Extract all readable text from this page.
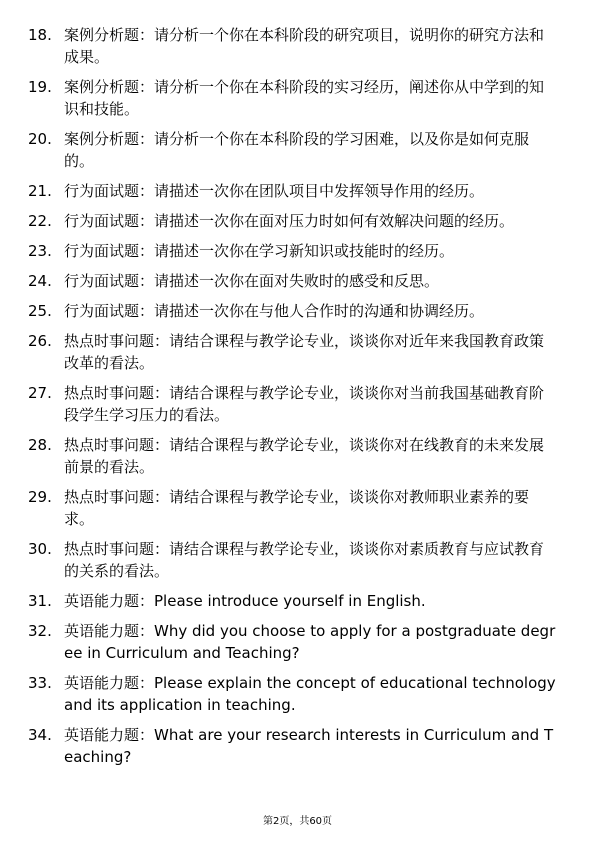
18. 案例分析题：请分析一个你在本科阶段的研究项目，说明你的研究方法和成果。
19. 案例分析题：请分析一个你在本科阶段的实习经历，阐述你从中学到的知识和技能。
20. 案例分析题：请分析一个你在本科阶段的学习困难，以及你是如何克服的。
21. 行为面试题：请描述一次你在团队项目中发挥领导作用的经历。
22. 行为面试题：请描述一次你在面对压力时如何有效解决问题的经历。
23. 行为面试题：请描述一次你在学习新知识或技能时的经历。
24. 行为面试题：请描述一次你在面对失败时的感受和反思。
25. 行为面试题：请描述一次你在与他人合作时的沟通和协调经历。
26. 热点时事问题：请结合课程与教学论专业，谈谈你对近年来我国教育政策改革的看法。
27. 热点时事问题：请结合课程与教学论专业，谈谈你对当前我国基础教育阶段学生学习压力的看法。
28. 热点时事问题：请结合课程与教学论专业，谈谈你对在线教育的未来发展前景的看法。
29. 热点时事问题：请结合课程与教学论专业，谈谈你对教师职业素养的要求。
30. 热点时事问题：请结合课程与教学论专业，谈谈你对素质教育与应试教育的关系的看法。
31. 英语能力题：Please introduce yourself in English.
32. 英语能力题：Why did you choose to apply for a postgraduate degree in Curriculum and Teaching?
33. 英语能力题：Please explain the concept of educational technology and its application in teaching.
34. 英语能力题：What are your research interests in Curriculum and Teaching?
第2页，共60页
